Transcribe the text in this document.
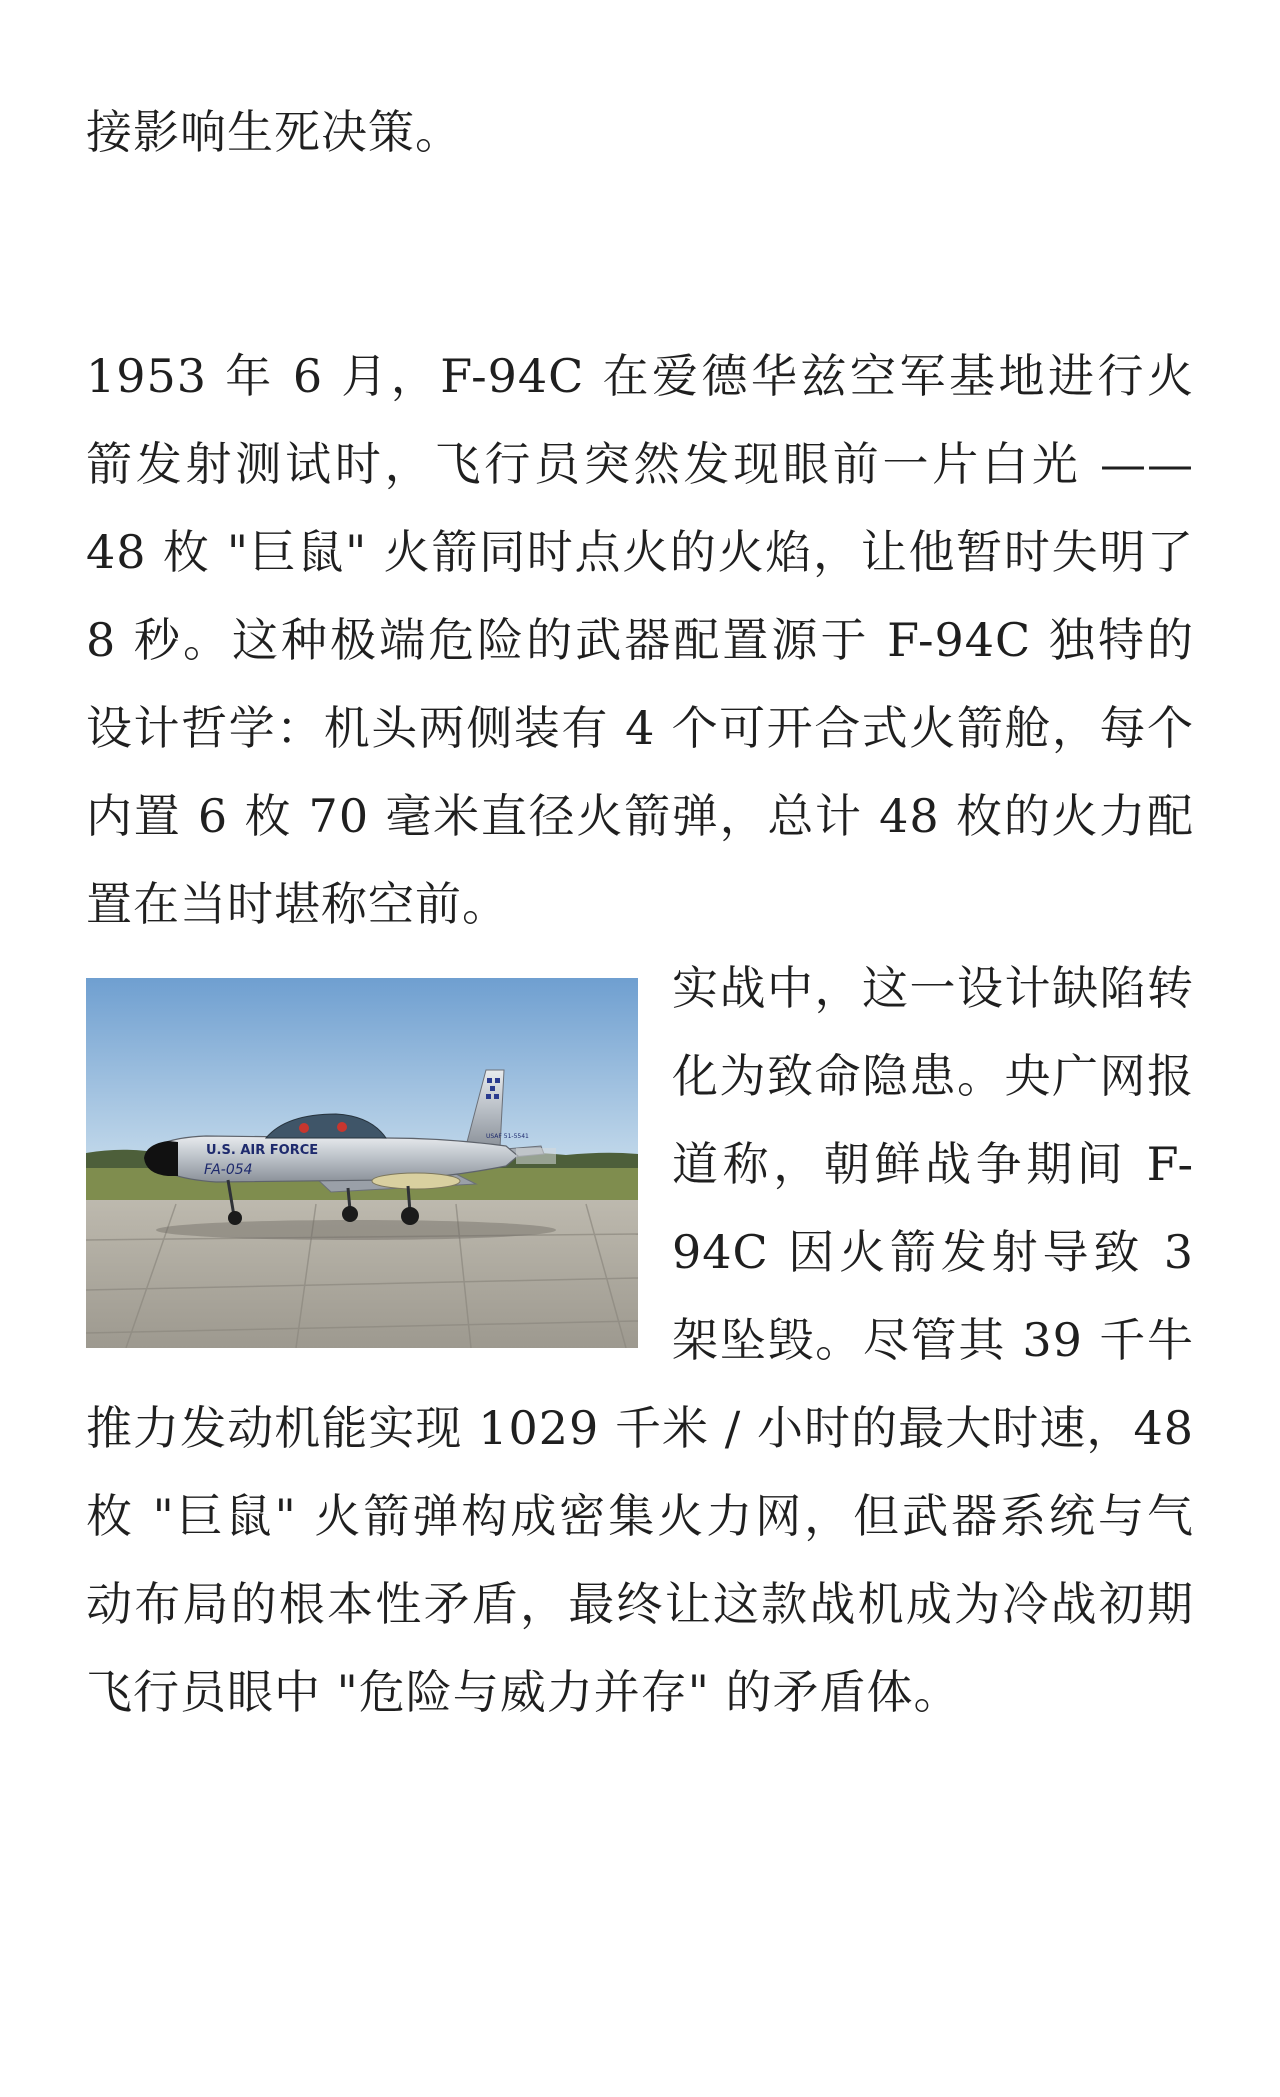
接影响生死决策。

1953 年 6 月，F-94C 在爱德华兹空军基地进行火箭发射测试时，飞行员突然发现眼前一片白光 —— 48 枚 "巨鼠" 火箭同时点火的火焰，让他暂时失明了 8 秒。这种极端危险的武器配置源于 F-94C 独特的设计哲学：机头两侧装有 4 个可开合式火箭舱，每个内置 6 枚 70 毫米直径火箭弹，总计 48 枚的火力配置在当时堪称空前。

U.S. AIR FORCE
FA-054
USAF 51-5541

实战中，这一设计缺陷转化为致命隐患。央广网报道称，朝鲜战争期间 F-94C 因火箭发射导致 3 架坠毁。尽管其 39 千牛推力发动机能实现 1029 千米 / 小时的最大时速，48 枚 "巨鼠" 火箭弹构成密集火力网，但武器系统与气动布局的根本性矛盾，最终让这款战机成为冷战初期飞行员眼中 "危险与威力并存" 的矛盾体。
